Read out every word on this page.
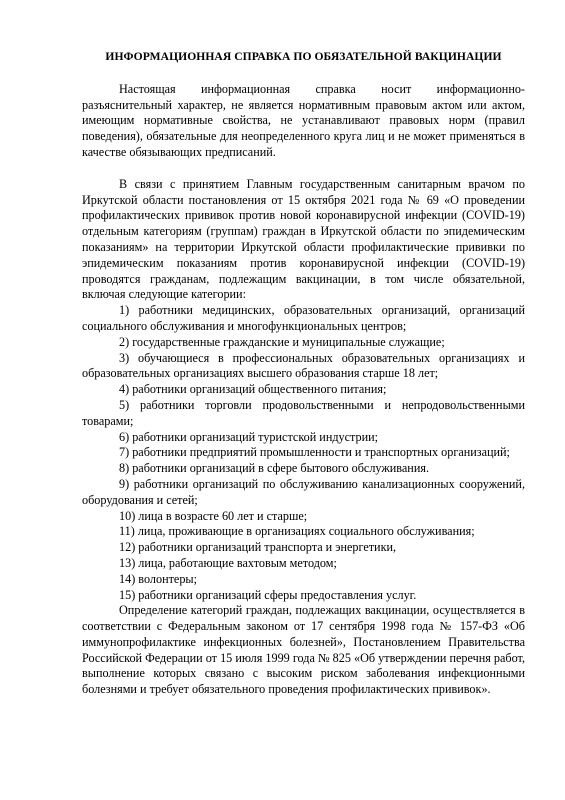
ИНФОРМАЦИОННАЯ СПРАВКА ПО ОБЯЗАТЕЛЬНОЙ ВАКЦИНАЦИИ

Настоящая информационная справка носит информационно-разъяснительный характер, не является нормативным правовым актом или актом, имеющим нормативные свойства, не устанавливают правовых норм (правил поведения), обязательные для неопределенного круга лиц и не может применяться в качестве обязывающих предписаний.

В связи с принятием Главным государственным санитарным врачом по Иркутской области постановления от 15 октября 2021 года № 69 «О проведении профилактических прививок против новой коронавирусной инфекции (COVID-19) отдельным категориям (группам) граждан в Иркутской области по эпидемическим показаниям» на территории Иркутской области профилактические прививки по эпидемическим показаниям против коронавирусной инфекции (COVID-19) проводятся гражданам, подлежащим вакцинации, в том числе обязательной, включая следующие категории:

1) работники медицинских, образовательных организаций, организаций социального обслуживания и многофункциональных центров;

2) государственные гражданские и муниципальные служащие;

3) обучающиеся в профессиональных образовательных организациях и образовательных организациях высшего образования старше 18 лет;

4) работники организаций общественного питания;

5) работники торговли продовольственными и непродовольственными товарами;

6) работники организаций туристской индустрии;

7) работники предприятий промышленности и транспортных организаций;

8) работники организаций в сфере бытового обслуживания.

9) работники организаций по обслуживанию канализационных сооружений, оборудования и сетей;

10) лица в возрасте 60 лет и старше;

11) лица, проживающие в организациях социального обслуживания;

12) работники организаций транспорта и энергетики,

13) лица, работающие вахтовым методом;

14) волонтеры;

15) работники организаций сферы предоставления услуг.

Определение категорий граждан, подлежащих вакцинации, осуществляется в соответствии с Федеральным законом от 17 сентября 1998 года № 157-ФЗ «Об иммунопрофилактике инфекционных болезней», Постановлением Правительства Российской Федерации от 15 июля 1999 года № 825 «Об утверждении перечня работ, выполнение которых связано с высоким риском заболевания инфекционными болезнями и требует обязательного проведения профилактических прививок».
